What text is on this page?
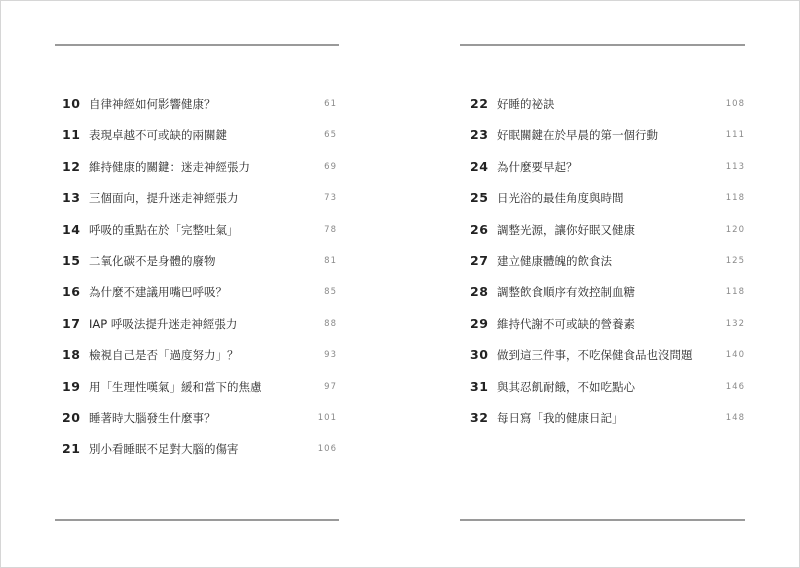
10 自律神經如何影響健康？	61
11 表現卓越不可或缺的兩關鍵	65
12 維持健康的關鍵：迷走神經張力	69
13 三個面向，提升迷走神經張力	73
14 呼吸的重點在於「完整吐氣」	78
15 二氧化碳不是身體的廢物	81
16 為什麼不建議用嘴巴呼吸？	85
17 IAP 呼吸法提升迷走神經張力	88
18 檢視自己是否「過度努力」？	93
19 用「生理性嘆氣」緩和當下的焦慮	97
20 睡著時大腦發生什麼事？	101
21 別小看睡眠不足對大腦的傷害	106
22 好睡的祕訣	108
23 好眠關鍵在於早晨的第一個行動	111
24 為什麼要早起？	113
25 日光浴的最佳角度與時間	118
26 調整光源，讓你好眠又健康	120
27 建立健康體魄的飲食法	125
28 調整飲食順序有效控制血糖	118
29 維持代謝不可或缺的營養素	132
30 做到這三件事，不吃保健食品也沒問題	140
31 與其忍飢耐餓，不如吃點心	146
32 每日寫「我的健康日記」	148
